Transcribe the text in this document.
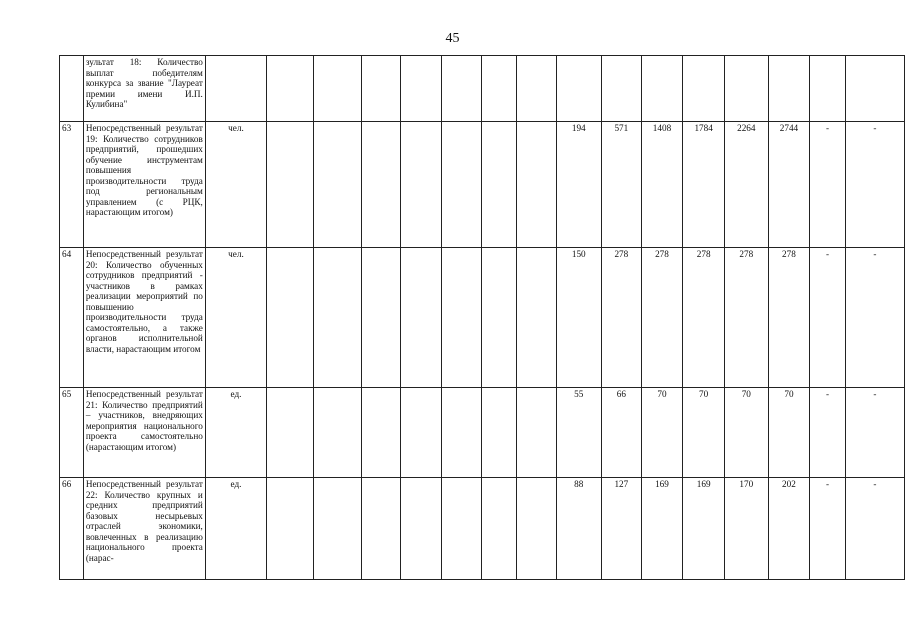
45
	зультат 18: Количество выплат победителям конкурса за звание "Лауреат премии имени И.П. Кулибина"																
63	Непосредственный результат 19: Количество сотрудников предприятий, прошедших обучение инструментам повышения производительности труда под региональным управлением (с РЦК, нарастающим итогом)	чел.								194	571	1408	1784	2264	2744	-	-
64	Непосредственный результат 20: Количество обученных сотрудников предприятий - участников в рамках реализации мероприятий по повышению производительности труда самостоятельно, а также органов исполнительной власти, нарастающим итогом	чел.								150	278	278	278	278	278	-	-
65	Непосредственный результат 21: Количество предприятий – участников, внедряющих мероприятия национального проекта самостоятельно (нарастающим итогом)	ед.								55	66	70	70	70	70	-	-
66	Непосредственный результат 22: Количество крупных и средних предприятий базовых несырьевых отраслей экономики, вовлеченных в реализацию национального проекта (нарас-	ед.								88	127	169	169	170	202	-	-
